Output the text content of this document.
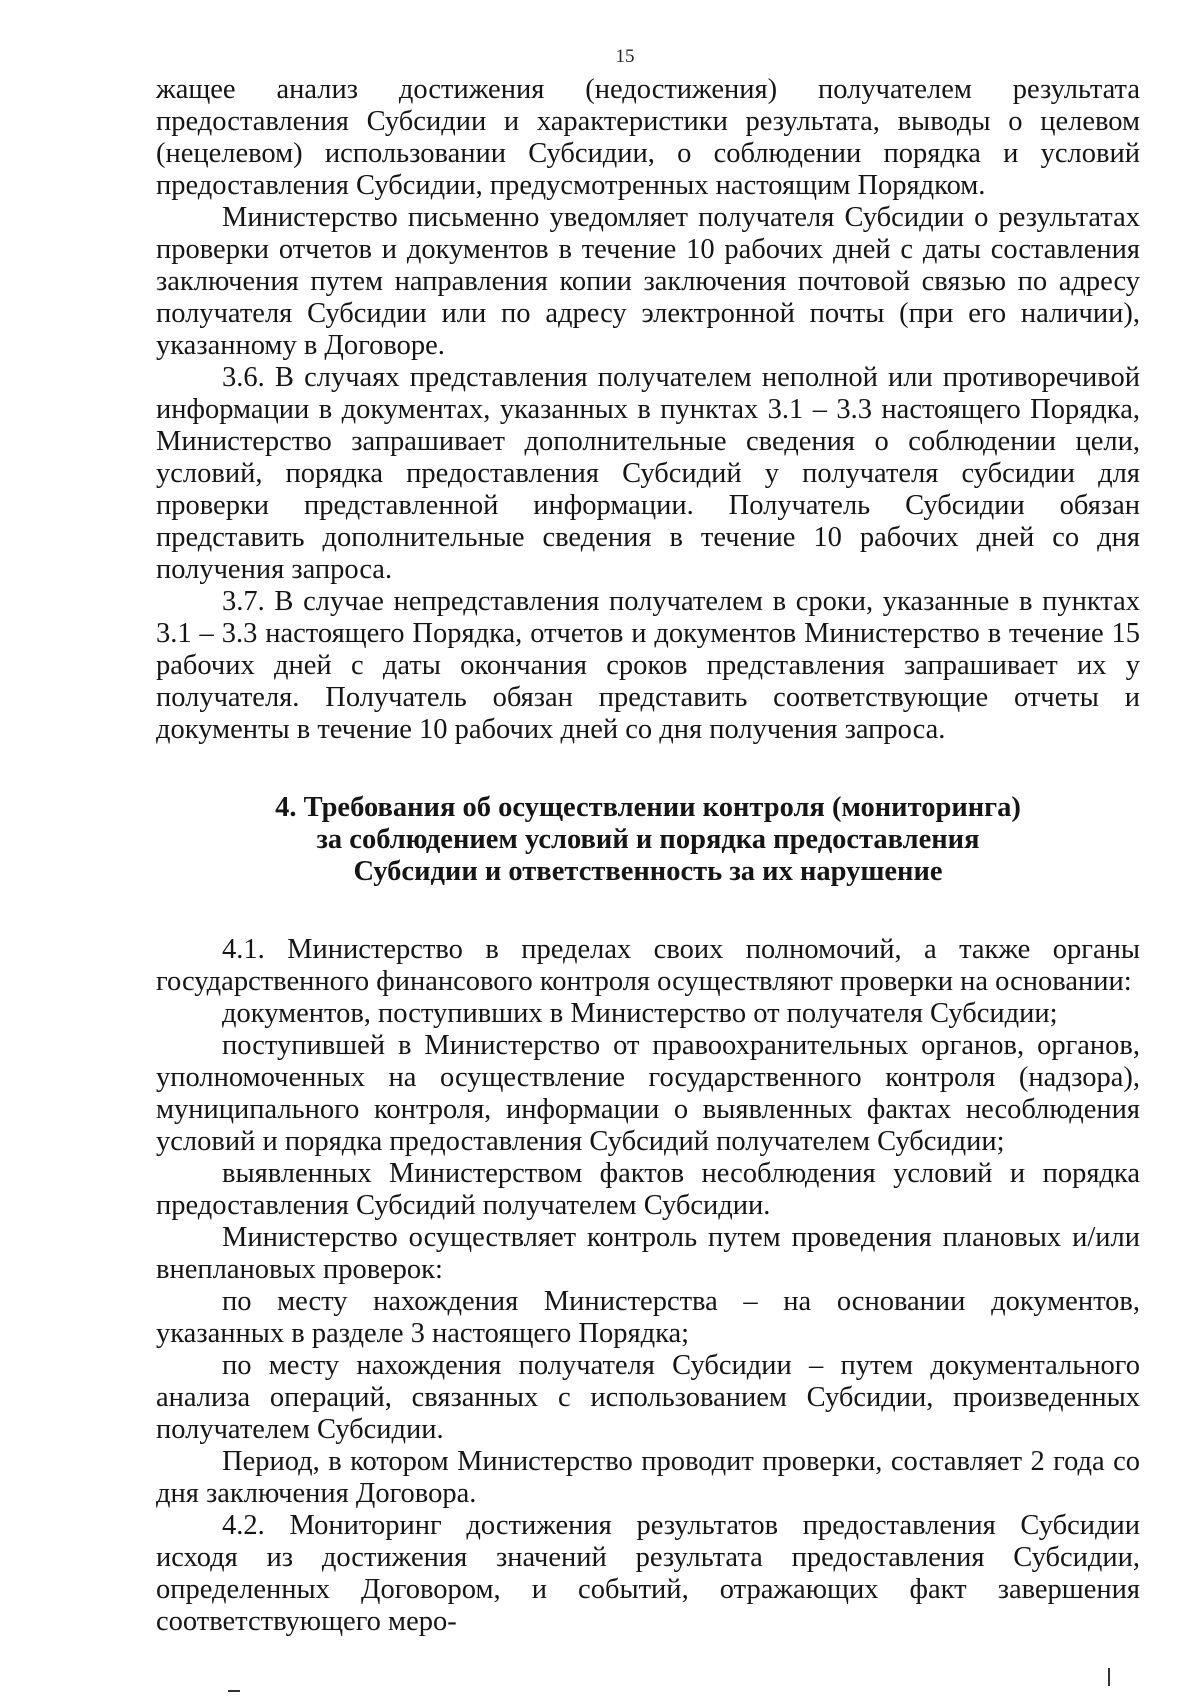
15

жащее анализ достижения (недостижения) получателем результата предоставления Субсидии и характеристики результата, выводы о целевом (нецелевом) использовании Субсидии, о соблюдении порядка и условий предоставления Субсидии, предусмотренных настоящим Порядком.

Министерство письменно уведомляет получателя Субсидии о результатах проверки отчетов и документов в течение 10 рабочих дней с даты составления заключения путем направления копии заключения почтовой связью по адресу получателя Субсидии или по адресу электронной почты (при его наличии), указанному в Договоре.

3.6. В случаях представления получателем неполной или противоречивой информации в документах, указанных в пунктах 3.1 – 3.3 настоящего Порядка, Министерство запрашивает дополнительные сведения о соблюдении цели, условий, порядка предоставления Субсидий у получателя субсидии для проверки представленной информации. Получатель Субсидии обязан представить дополнительные сведения в течение 10 рабочих дней со дня получения запроса.

3.7. В случае непредставления получателем в сроки, указанные в пунктах 3.1 – 3.3 настоящего Порядка, отчетов и документов Министерство в течение 15 рабочих дней с даты окончания сроков представления запрашивает их у получателя. Получатель обязан представить соответствующие отчеты и документы в течение 10 рабочих дней со дня получения запроса.

4. Требования об осуществлении контроля (мониторинга)
за соблюдением условий и порядка предоставления
Субсидии и ответственность за их нарушение

4.1. Министерство в пределах своих полномочий, а также органы государственного финансового контроля осуществляют проверки на основании:

документов, поступивших в Министерство от получателя Субсидии;

поступившей в Министерство от правоохранительных органов, органов, уполномоченных на осуществление государственного контроля (надзора), муниципального контроля, информации о выявленных фактах несоблюдения условий и порядка предоставления Субсидий получателем Субсидии;

выявленных Министерством фактов несоблюдения условий и порядка предоставления Субсидий получателем Субсидии.

Министерство осуществляет контроль путем проведения плановых и/или внеплановых проверок:

по месту нахождения Министерства – на основании документов, указанных в разделе 3 настоящего Порядка;

по месту нахождения получателя Субсидии – путем документального анализа операций, связанных с использованием Субсидии, произведенных получателем Субсидии.

Период, в котором Министерство проводит проверки, составляет 2 года со дня заключения Договора.

4.2. Мониторинг достижения результатов предоставления Субсидии исходя из достижения значений результата предоставления Субсидии, определенных Договором, и событий, отражающих факт завершения соответствующего меро-
